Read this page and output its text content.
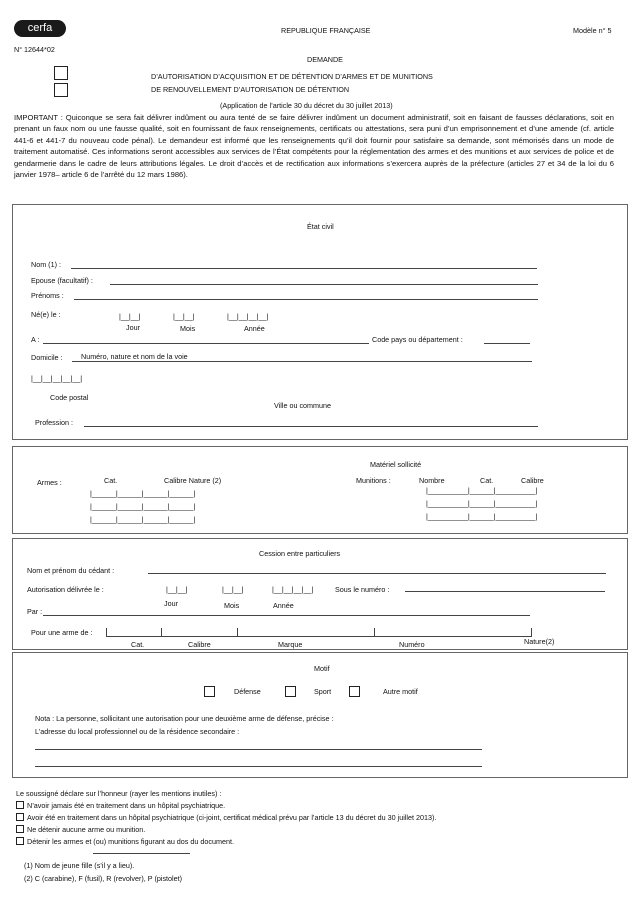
cerfa
N° 12644*02
REPUBLIQUE FRANÇAISE	Modèle n° 5
DEMANDE
D’AUTORISATION D’ACQUISITION ET DE DÉTENTION D’ARMES ET DE MUNITIONS
DE RENOUVELLEMENT D’AUTORISATION DE DÉTENTION
(Application de l’article 30 du décret du 30 juillet 2013)
IMPORTANT : Quiconque se sera fait délivrer indûment ou aura tenté de se faire délivrer indûment un document administratif, soit en faisant de fausses déclarations, soit en prenant un faux nom ou une fausse qualité, soit en fournissant de faux renseignements, certificats ou attestations, sera puni d’un emprisonnement et d’une amende (cf. article 441-6 et 441-7 du nouveau code pénal). Le demandeur est informé que les renseignements qu’il doit fournir pour satisfaire sa demande, sont mémorisés dans un mode de traitement automatisé. Ces informations seront accessibles aux services de l’État compétents pour la réglementation des armes et des munitions et aux services de police et de gendarmerie dans le cadre de leurs attributions légales. Le droit d’accès et de rectification aux informations s’exercera auprès de la préfecture (articles 27 et 34 de la loi du 6 janvier 1978– article 6 de l’arrêté du 12 mars 1986).
État civil
Nom (1) :
Epouse (facultatif) :
Prénoms :
Né(e) le :	|__|__|	|__|__|	|__|__|__|__|
Jour	Mois	Année
A :	Code pays ou département :
Domicile :	Numéro, nature et nom de la voie
|__|__|__|__|__|
Code postal
Ville ou commune
Profession :
Matériel sollicité
Armes :	Cat.	Calibre Nature (2)
|______|______|______|______|
|______|______|______|______|
|______|______|______|______|
Munitions :	Nombre	Cat.	Calibre
|__________|______|__________|
|__________|______|__________|
|__________|______|__________|
Cession entre particuliers
Nom et prénom du cédant :
Autorisation délivrée le :	|__|__|	|__|__|	|__|__|__|__|	Sous le numéro :
Jour	Mois	Année
Par :
Pour une arme de :
Cat.	Calibre	Marque	Numéro	Nature(2)
Motif
Défense	Sport	Autre motif
Nota : La personne, sollicitant une autorisation pour une deuxième arme de défense, précise :
L’adresse du local professionnel ou de la résidence secondaire :
Le soussigné déclare sur l’honneur (rayer les mentions inutiles) :
N’avoir jamais été en traitement dans un hôpital psychiatrique.
Avoir été en traitement dans un hôpital psychiatrique (ci-joint, certificat médical prévu par l’article 13 du décret du 30 juillet 2013).
Ne détenir aucune arme ou munition.
Détenir les armes et (ou) munitions figurant au dos du document.
(1) Nom de jeune fille (s’il y a lieu).
(2) C (carabine), F (fusil), R (revolver), P (pistolet)
